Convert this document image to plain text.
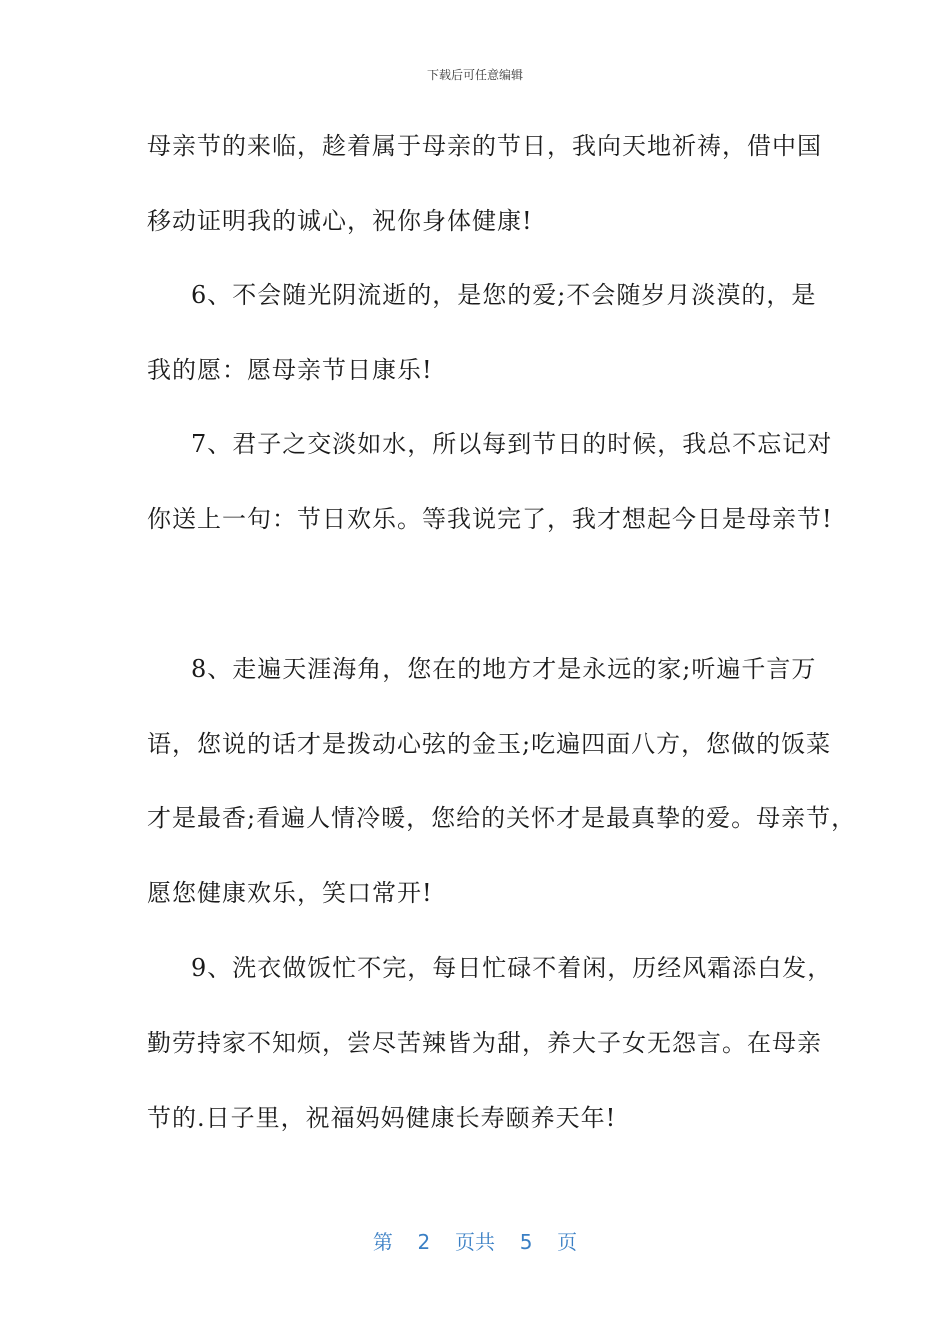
下载后可任意编辑
母亲节的来临，趁着属于母亲的节日，我向天地祈祷，借中国
移动证明我的诚心，祝你身体健康!
6、不会随光阴流逝的，是您的爱;不会随岁月淡漠的，是
我的愿：愿母亲节日康乐!
7、君子之交淡如水，所以每到节日的时候，我总不忘记对
你送上一句：节日欢乐。等我说完了，我才想起今日是母亲节!
8、走遍天涯海角，您在的地方才是永远的家;听遍千言万
语，您说的话才是拨动心弦的金玉;吃遍四面八方，您做的饭菜
才是最香;看遍人情冷暖，您给的关怀才是最真挚的爱。母亲节，
愿您健康欢乐，笑口常开!
9、洗衣做饭忙不完，每日忙碌不着闲，历经风霜添白发，
勤劳持家不知烦，尝尽苦辣皆为甜，养大子女无怨言。在母亲
节的.日子里，祝福妈妈健康长寿颐养天年!
第  2  页共  5  页
